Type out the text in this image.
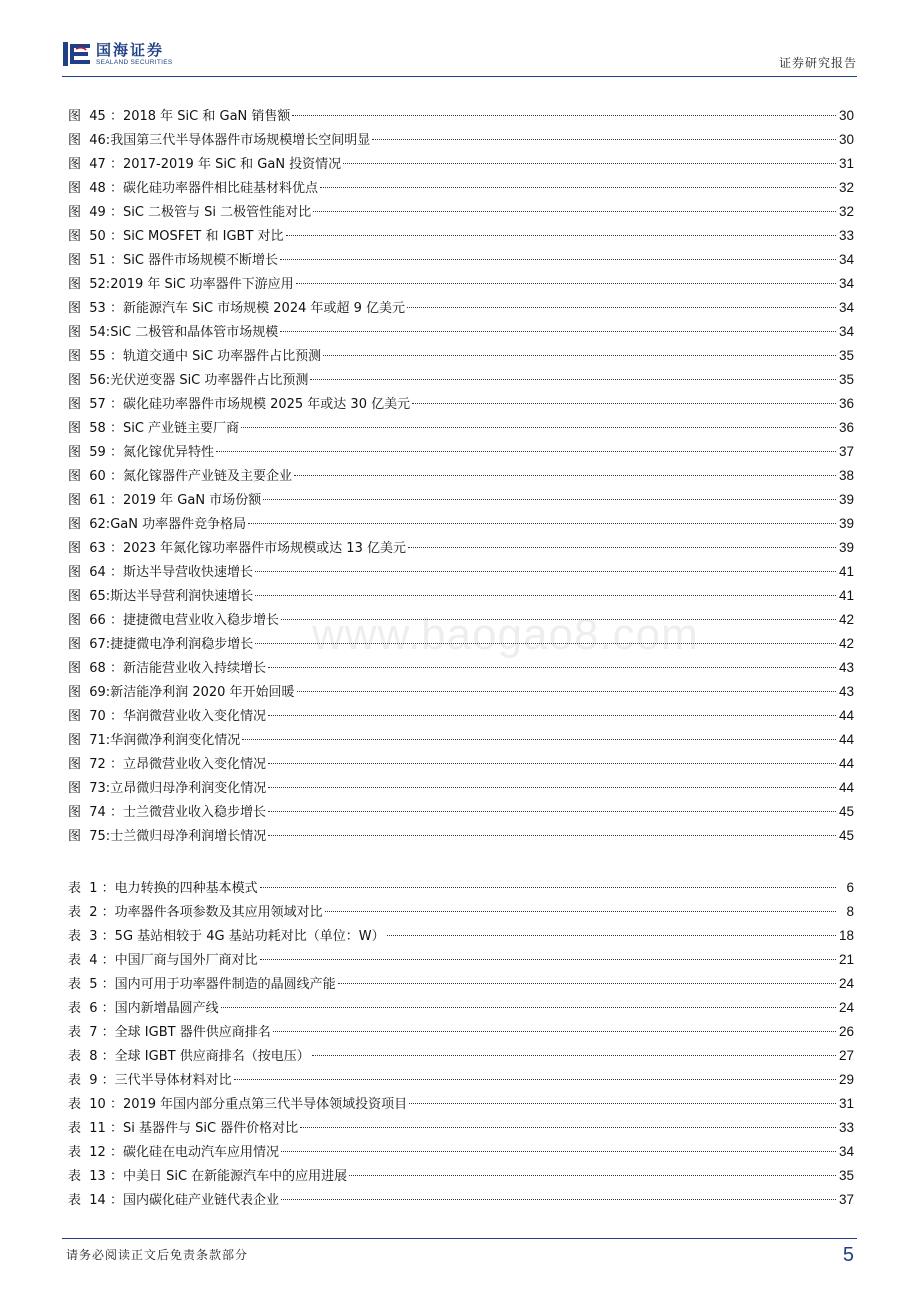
国海证券
SEALAND SECURITIES	证券研究报告
图  45 ： 2018 年 SiC 和 GaN 销售额	30
图  46: 我国第三代半导体器件市场规模增长空间明显	30
图  47 ： 2017-2019 年 SiC 和 GaN 投资情况	31
图  48 ： 碳化硅功率器件相比硅基材料优点	32
图  49 ： SiC 二极管与 Si 二极管性能对比	32
图  50 ： SiC MOSFET 和 IGBT 对比	33
图  51 ： SiC 器件市场规模不断增长	34
图  52: 2019 年 SiC 功率器件下游应用	34
图  53 ： 新能源汽车 SiC 市场规模 2024 年或超 9 亿美元	34
图  54: SiC 二极管和晶体管市场规模	34
图  55 ： 轨道交通中 SiC 功率器件占比预测	35
图  56: 光伏逆变器 SiC 功率器件占比预测	35
图  57 ： 碳化硅功率器件市场规模 2025 年或达 30 亿美元	36
图  58 ： SiC 产业链主要厂商	36
图  59 ： 氮化镓优异特性	37
图  60 ： 氮化镓器件产业链及主要企业	38
图  61 ： 2019 年 GaN 市场份额	39
图  62: GaN 功率器件竞争格局	39
图  63 ： 2023 年氮化镓功率器件市场规模或达 13 亿美元	39
图  64 ： 斯达半导营收快速增长	41
图  65: 斯达半导营利润快速增长	41
图  66 ： 捷捷微电营业收入稳步增长	42
图  67: 捷捷微电净利润稳步增长	42
图  68 ： 新洁能营业收入持续增长	43
图  69: 新洁能净利润 2020 年开始回暖	43
图  70 ： 华润微营业收入变化情况	44
图  71: 华润微净利润变化情况	44
图  72 ： 立昂微营业收入变化情况	44
图  73: 立昂微归母净利润变化情况	44
图  74 ： 士兰微营业收入稳步增长	45
图  75: 士兰微归母净利润增长情况	45
表  1 ： 电力转换的四种基本模式	6
表  2 ： 功率器件各项参数及其应用领域对比	8
表  3 ： 5G 基站相较于 4G 基站功耗对比（单位：W）	18
表  4 ： 中国厂商与国外厂商对比	21
表  5 ： 国内可用于功率器件制造的晶圆线产能	24
表  6 ： 国内新增晶圆产线	24
表  7 ： 全球 IGBT 器件供应商排名	26
表  8 ： 全球 IGBT 供应商排名（按电压）	27
表  9 ： 三代半导体材料对比	29
表  10 ： 2019 年国内部分重点第三代半导体领域投资项目	31
表  11 ： Si 基器件与 SiC 器件价格对比	33
表  12 ： 碳化硅在电动汽车应用情况	34
表  13 ： 中美日 SiC 在新能源汽车中的应用进展	35
表  14 ： 国内碳化硅产业链代表企业	37
www.baogao8.com
请务必阅读正文后免责条款部分	5
